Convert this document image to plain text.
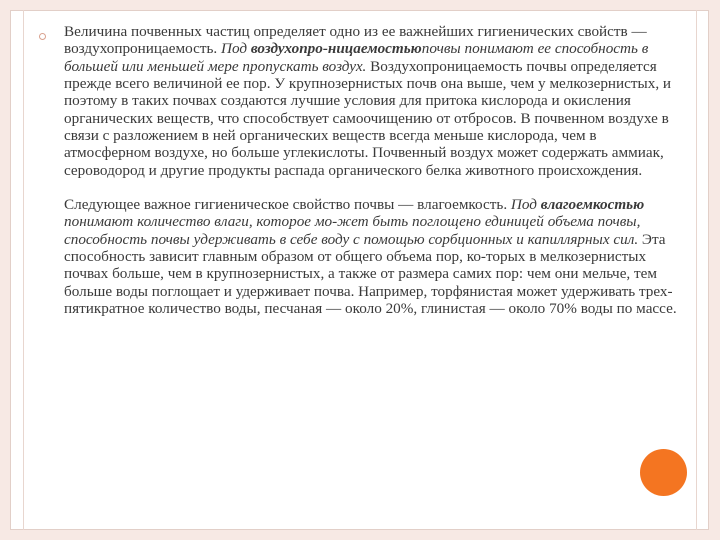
Величина почвенных частиц определяет одно из ее важнейших гигиенических свойств — воздухопроницаемость. Под воздухопро-ницаемостьюпочвы понимают ее способность в большей или меньшей мере пропускать воздух. Воздухопроницаемость почвы определяется прежде всего величиной ее пор. У крупнозернистых почв она выше, чем у мелкозернистых, и поэтому в таких почвах создаются лучшие условия для притока кислорода и окисления органических веществ, что способствует самоочищению от отбросов. В почвенном воздухе в связи с разложением в ней органических веществ всегда меньше кислорода, чем в атмосферном воздухе, но больше углекислоты. Почвенный воздух может содержать аммиак, сероводород и другие продукты распада органического белка животного происхождения.

Следующее важное гигиеническое свойство почвы — влагоемкость. Под влагоемкостью понимают количество влаги, которое мо-жет быть поглощено единицей объема почвы, способность почвы удерживать в себе воду с помощью сорбционных и капиллярных сил. Эта способность зависит главным образом от общего объема пор, ко-торых в мелкозернистых почвах больше, чем в крупнозернистых, а также от размера самих пор: чем они мельче, тем больше воды поглощает и удерживает почва. Например, торфянистая может удерживать трех-пятикратное количество воды, песчаная — около 20%, глинистая — около 70% воды по массе.
